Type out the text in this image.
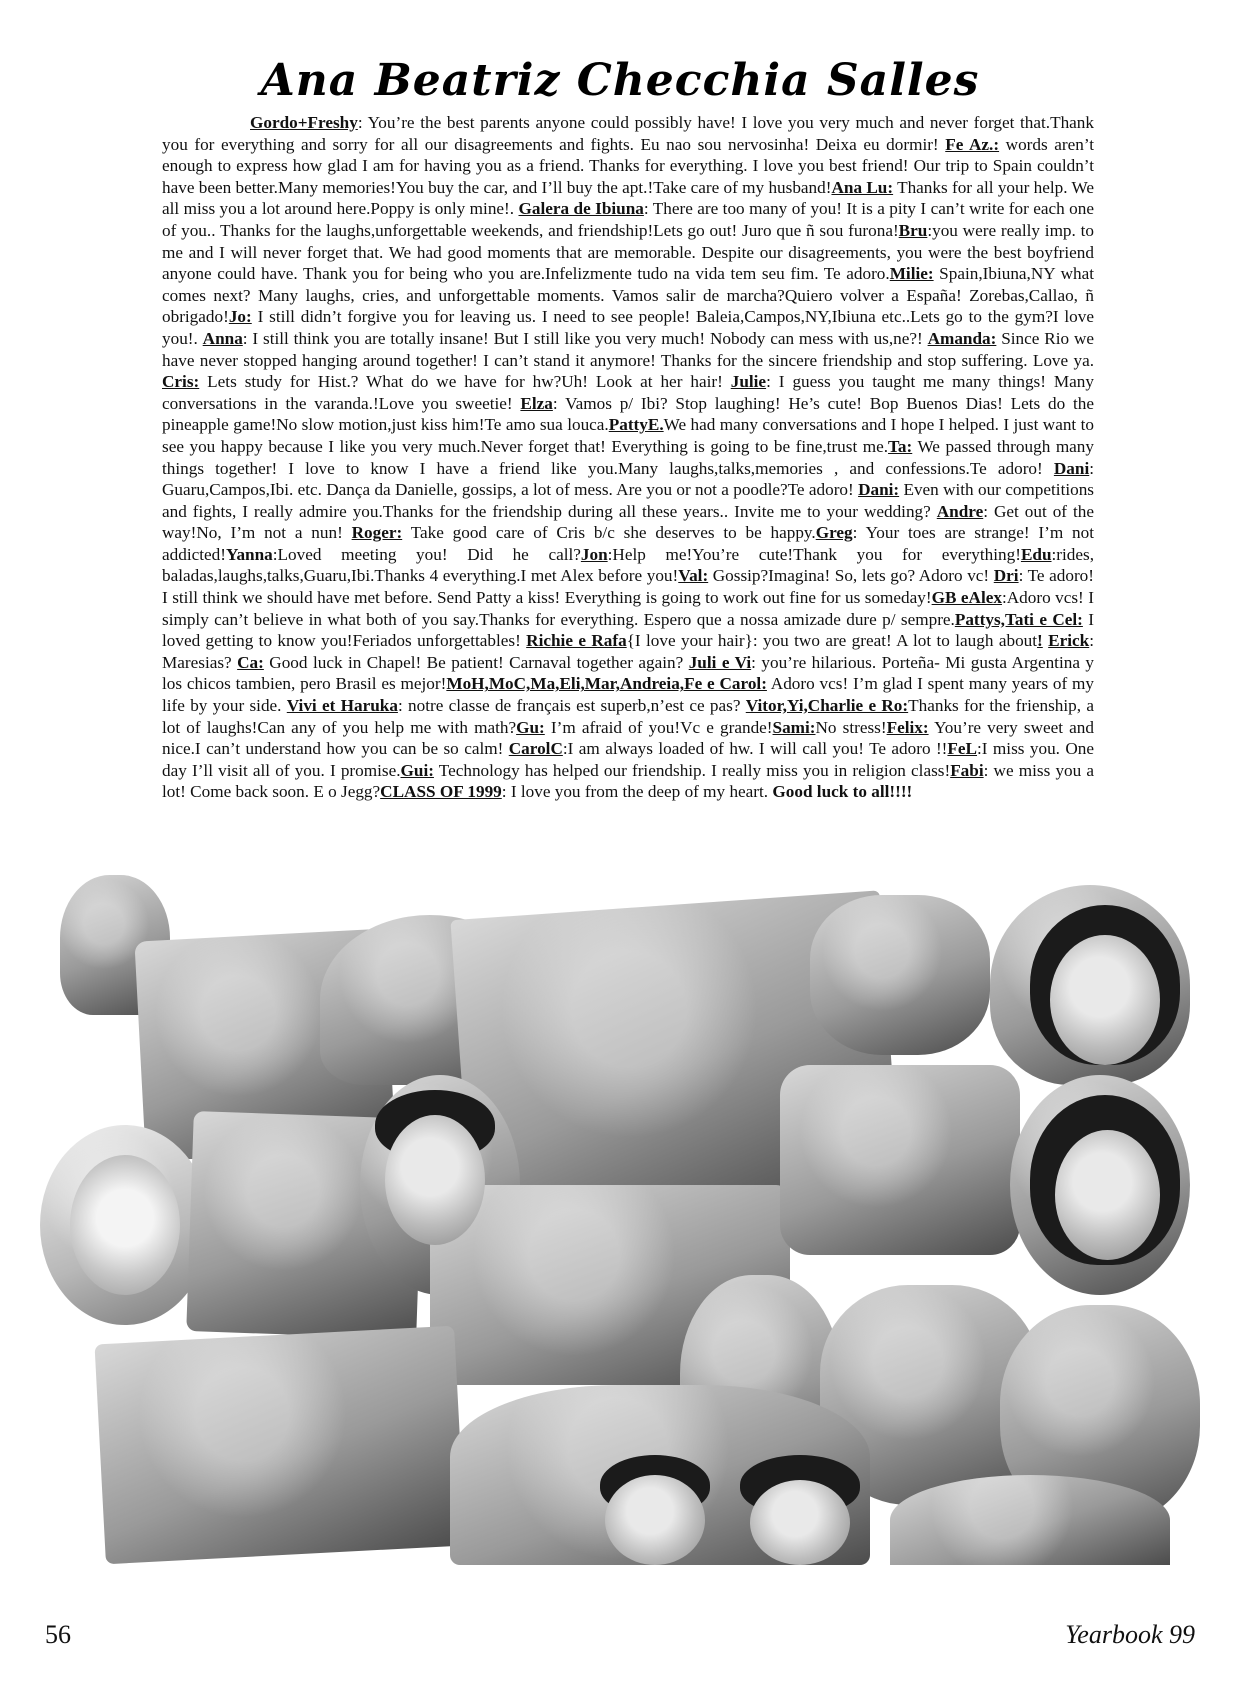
Ana Beatriz Checchia Salles
Gordo+Freshy: You’re the best parents anyone could possibly have! I love you very much and never forget that.Thank you for everything and sorry for all our disagreements and fights. Eu nao sou nervosinha! Deixa eu dormir! Fe Az.: words aren’t enough to express how glad I am for having you as a friend. Thanks for everything. I love you best friend! Our trip to Spain couldn’t have been better.Many memories!You buy the car, and I’ll buy the apt.!Take care of my husband!Ana Lu: Thanks for all your help. We all miss you a lot around here.Poppy is only mine!. Galera de Ibiuna: There are too many of you! It is a pity I can’t write for each one of you.. Thanks for the laughs,unforgettable weekends, and friendship!Lets go out! Juro que ñ sou furona!Bru:you were really imp. to me and I will never forget that. We had good moments that are memorable. Despite our disagreements, you were the best boyfriend anyone could have. Thank you for being who you are.Infelizmente tudo na vida tem seu fim. Te adoro.Milie: Spain,Ibiuna,NY what comes next? Many laughs, cries, and unforgettable moments. Vamos salir de marcha?Quiero volver a España! Zorebas,Callao, ñ obrigado!Jo: I still didn’t forgive you for leaving us. I need to see people! Baleia,Campos,NY,Ibiuna etc..Lets go to the gym?I love you!. Anna: I still think you are totally insane! But I still like you very much! Nobody can mess with us,ne?! Amanda: Since Rio we have never stopped hanging around together! I can’t stand it anymore! Thanks for the sincere friendship and stop suffering. Love ya. Cris: Lets study for Hist.? What do we have for hw?Uh! Look at her hair! Julie: I guess you taught me many things! Many conversations in the varanda.!Love you sweetie! Elza: Vamos p/ Ibi? Stop laughing! He’s cute! Bop Buenos Dias! Lets do the pineapple game!No slow motion,just kiss him!Te amo sua louca.PattyE.We had many conversations and I hope I helped. I just want to see you happy because I like you very much.Never forget that! Everything is going to be fine,trust me.Ta: We passed through many things together! I love to know I have a friend like you.Many laughs,talks,memories , and confessions.Te adoro! Dani: Guaru,Campos,Ibi. etc. Dança da Danielle, gossips, a lot of mess. Are you or not a poodle?Te adoro! Dani: Even with our competitions and fights, I really admire you.Thanks for the friendship during all these years.. Invite me to your wedding? Andre: Get out of the way!No, I’m not a nun! Roger: Take good care of Cris b/c she deserves to be happy.Greg: Your toes are strange! I’m not addicted!Yanna:Loved meeting you! Did he call?Jon:Help me!You’re cute!Thank you for everything!Edu:rides, baladas,laughs,talks,Guaru,Ibi.Thanks 4 everything.I met Alex before you!Val: Gossip?Imagina! So, lets go? Adoro vc! Dri: Te adoro! I still think we should have met before. Send Patty a kiss! Everything is going to work out fine for us someday!GB eAlex:Adoro vcs! I simply can’t believe in what both of you say.Thanks for everything. Espero que a nossa amizade dure p/ sempre.Pattys,Tati e Cel: I loved getting to know you!Feriados unforgettables! Richie e Rafa{I love your hair}: you two are great! A lot to laugh about! Erick: Maresias? Ca: Good luck in Chapel! Be patient! Carnaval together again? Juli e Vi: you’re hilarious. Porteña- Mi gusta Argentina y los chicos tambien, pero Brasil es mejor!MoH,MoC,Ma,Eli,Mar,Andreia,Fe e Carol: Adoro vcs! I’m glad I spent many years of my life by your side. Vivi et Haruka: notre classe de français est superb,n’est ce pas? Vitor,Yi,Charlie e Ro:Thanks for the frienship, a lot of laughs!Can any of you help me with math?Gu: I’m afraid of you!Vc e grande!Sami:No stress!Felix: You’re very sweet and nice.I can’t understand how you can be so calm! CarolC:I am always loaded of hw. I will call you! Te adoro !!FeL:I miss you. One day I’ll visit all of you. I promise.Gui: Technology has helped our friendship. I really miss you in religion class!Fabi: we miss you a lot! Come back soon. E o Jegg?CLASS OF 1999: I love you from the deep of my heart. Good luck to all!!!!
56	Yearbook 99
